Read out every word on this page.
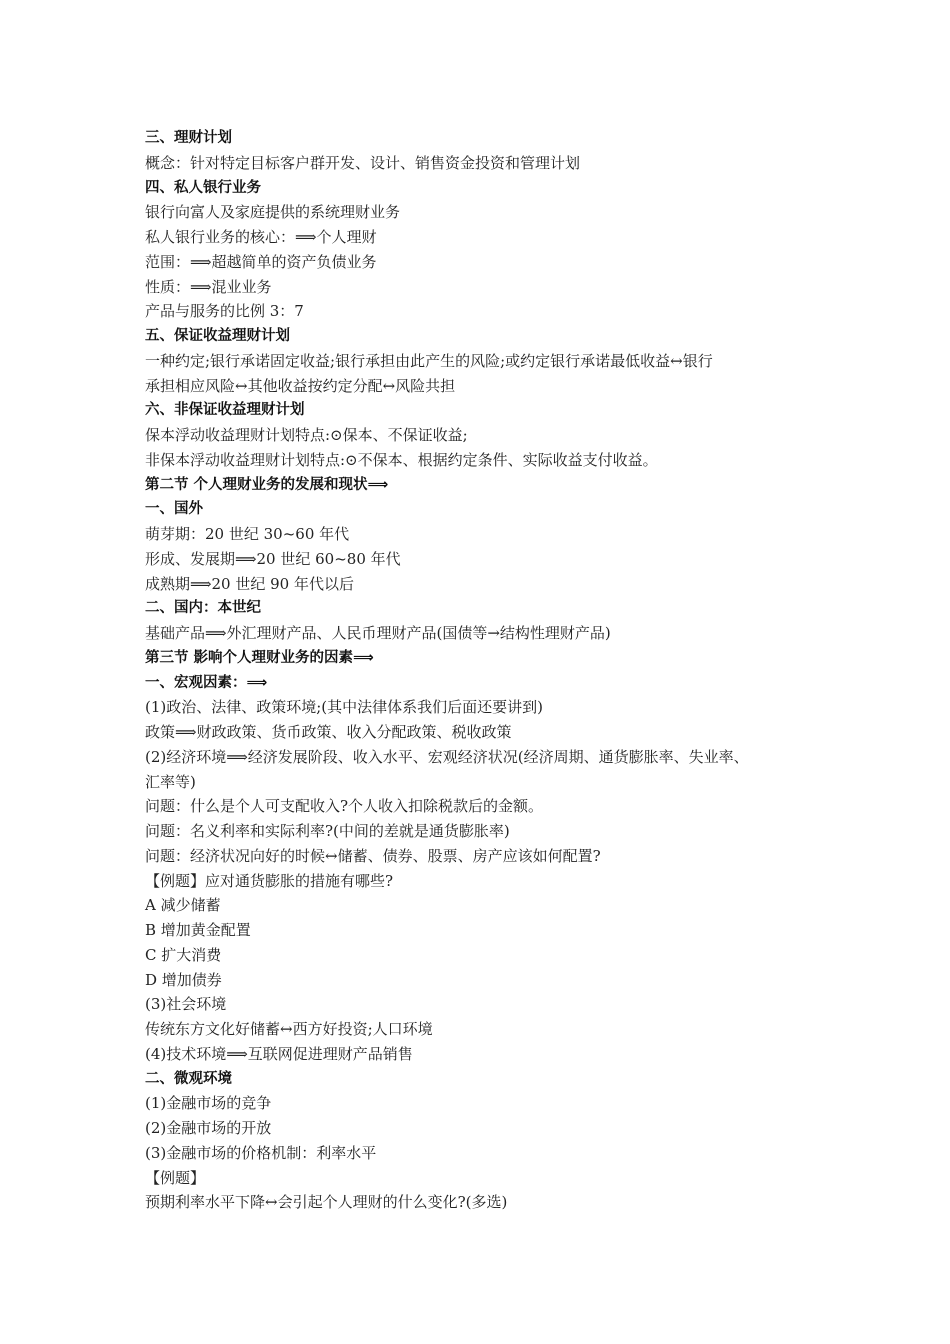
三、理财计划
概念：针对特定目标客户群开发、设计、销售资金投资和管理计划
四、私人银行业务
银行向富人及家庭提供的系统理财业务
私人银行业务的核心：⟹个人理财
范围：⟹超越简单的资产负债业务
性质：⟹混业业务
产品与服务的比例 3：7
五、保证收益理财计划
一种约定;银行承诺固定收益;银行承担由此产生的风险;或约定银行承诺最低收益↔银行
承担相应风险↔其他收益按约定分配↔风险共担
六、非保证收益理财计划
保本浮动收益理财计划特点:⊙保本、不保证收益;
非保本浮动收益理财计划特点:⊙不保本、根据约定条件、实际收益支付收益。
第二节 个人理财业务的发展和现状⟹
一、国外
萌芽期：20 世纪 30~60 年代
形成、发展期⟹20 世纪 60~80 年代
成熟期⟹20 世纪 90 年代以后
二、国内：本世纪
基础产品⟹外汇理财产品、人民币理财产品(国债等→结构性理财产品)
第三节 影响个人理财业务的因素⟹
一、宏观因素：⟹
(1)政治、法律、政策环境;(其中法律体系我们后面还要讲到)
政策⟹财政政策、货币政策、收入分配政策、税收政策
(2)经济环境⟹经济发展阶段、收入水平、宏观经济状况(经济周期、通货膨胀率、失业率、
汇率等)
问题：什么是个人可支配收入?个人收入扣除税款后的金额。
问题：名义利率和实际利率?(中间的差就是通货膨胀率)
问题：经济状况向好的时候↔储蓄、债券、股票、房产应该如何配置?
【例题】应对通货膨胀的措施有哪些?
A 减少储蓄
B 增加黄金配置
C 扩大消费
D 增加债券
(3)社会环境
传统东方文化好储蓄↔西方好投资;人口环境
(4)技术环境⟹互联网促进理财产品销售
二、微观环境
(1)金融市场的竞争
(2)金融市场的开放
(3)金融市场的价格机制：利率水平
【例题】
预期利率水平下降↔会引起个人理财的什么变化?(多选)
